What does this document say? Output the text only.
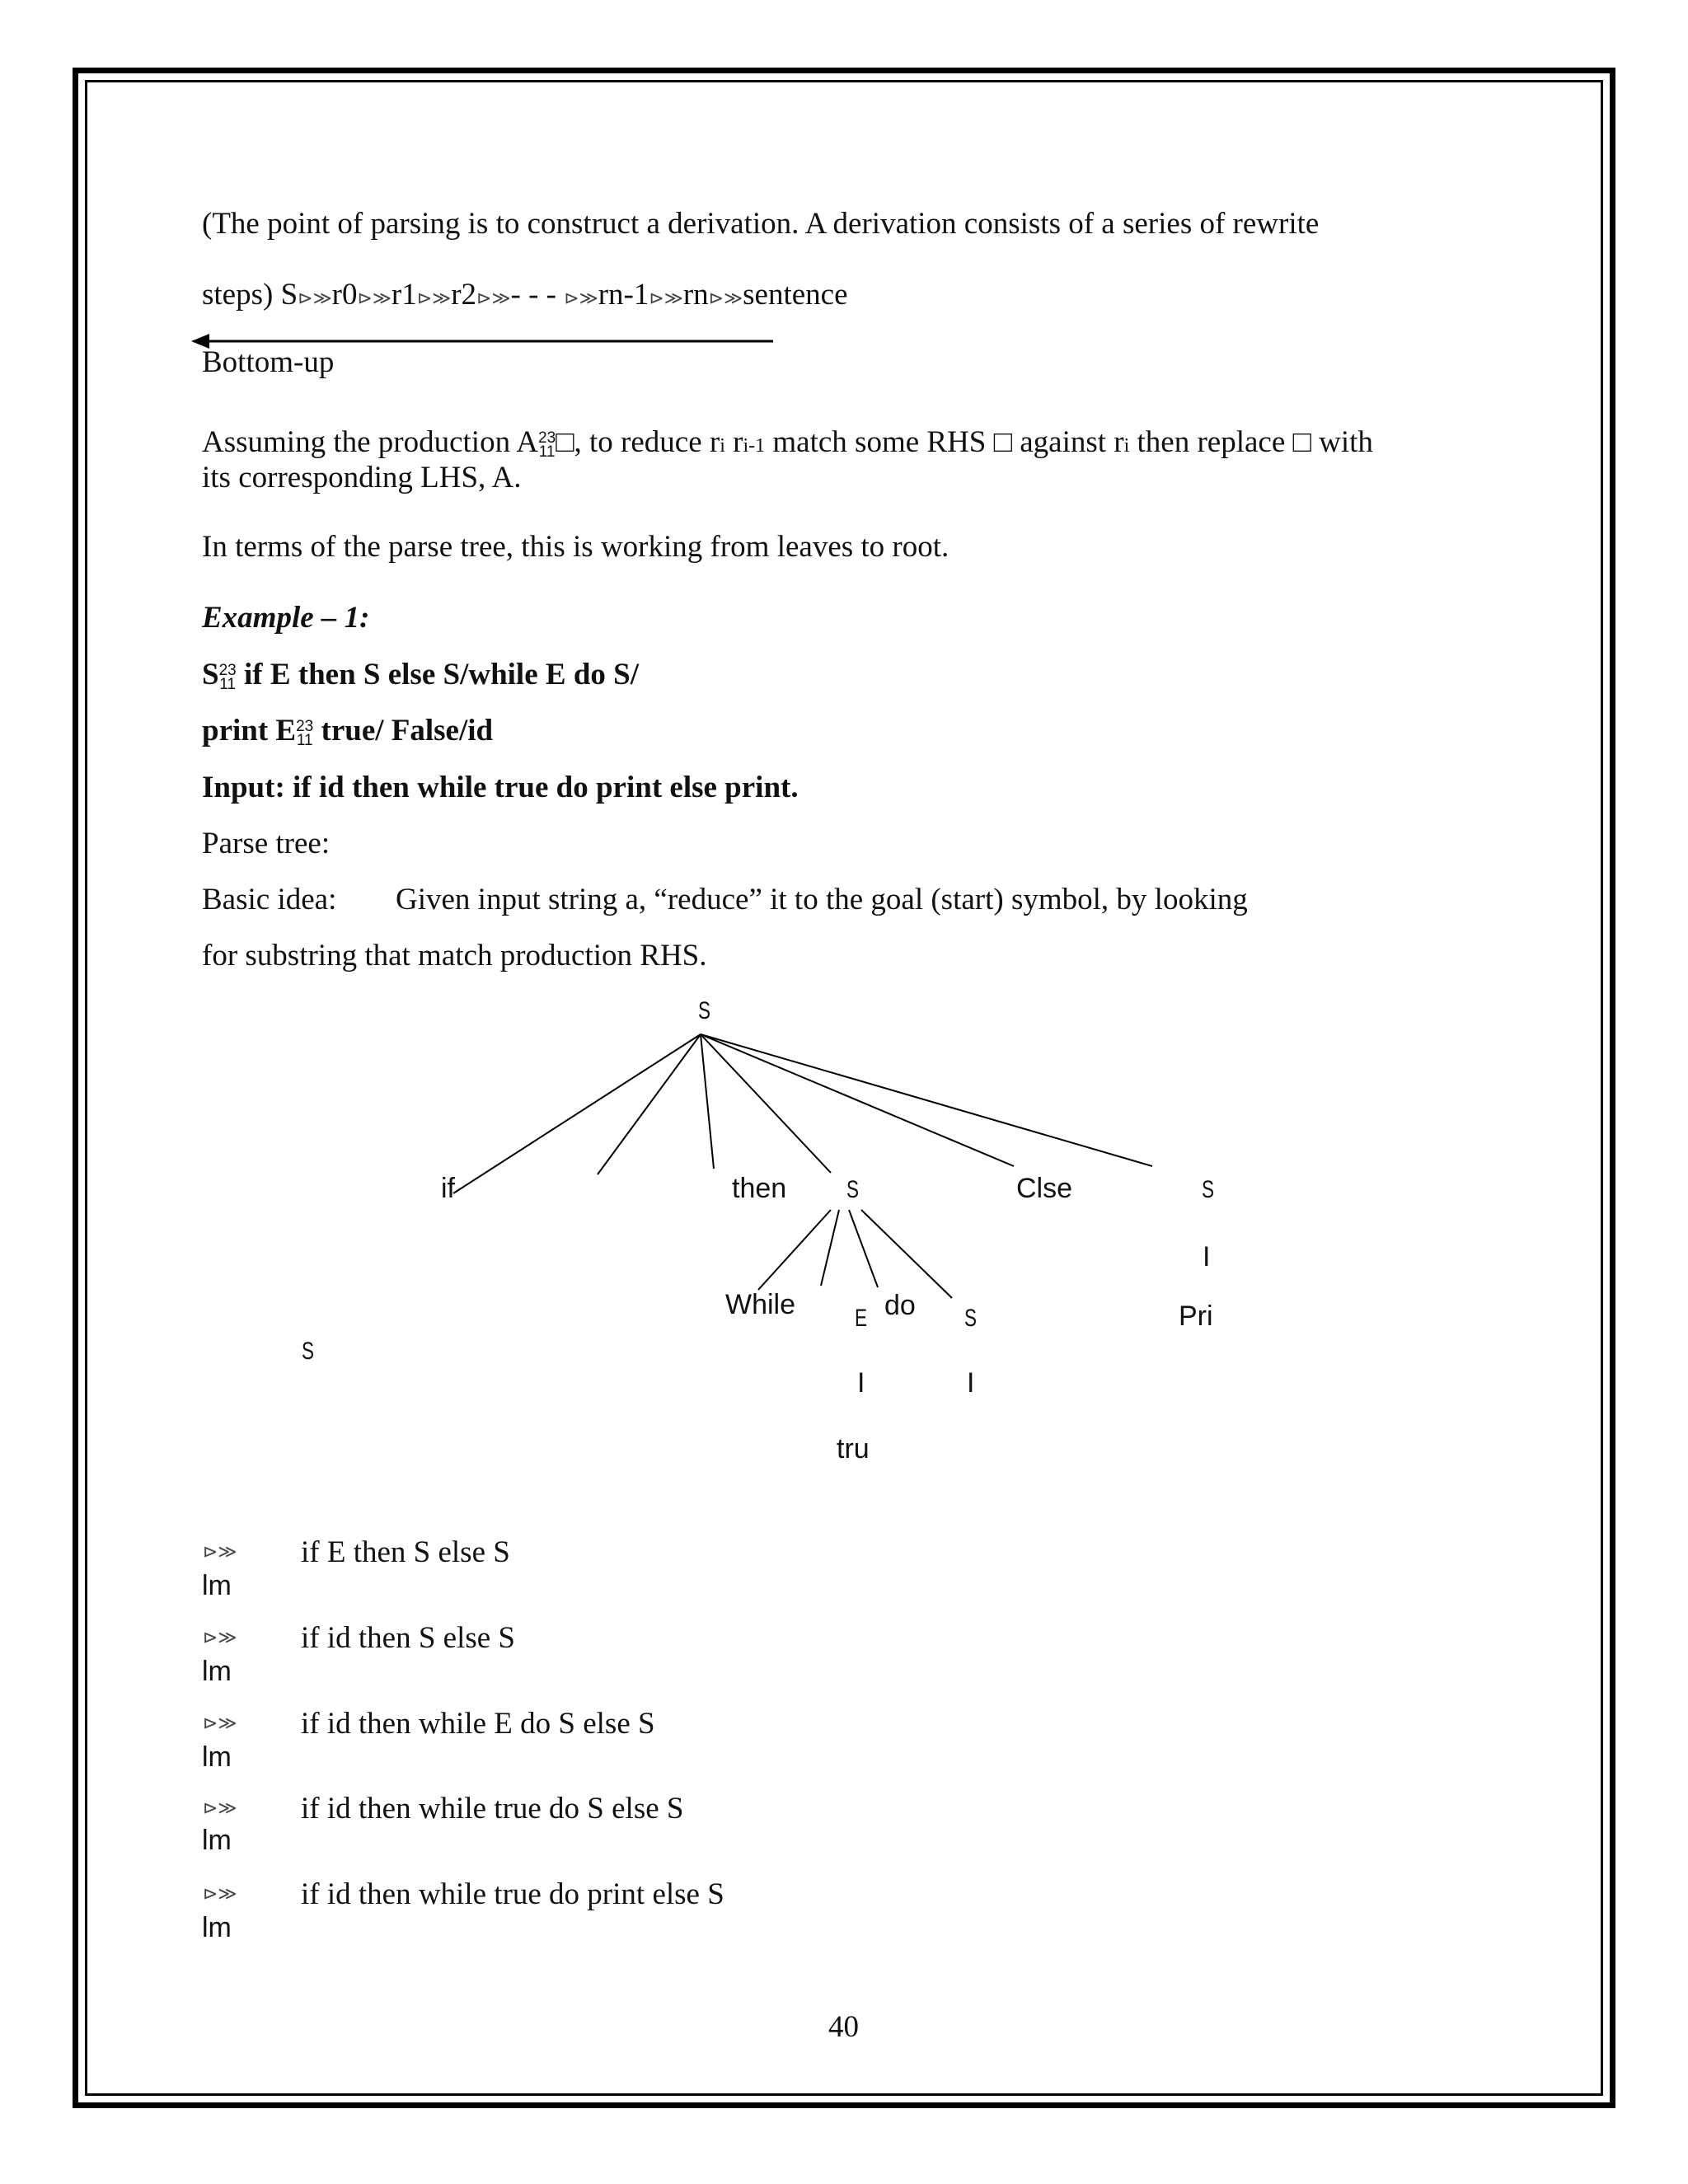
(The point of parsing is to construct a derivation. A derivation consists of a series of rewrite
steps) S⊳≫r0⊳≫r1⊳≫r2⊳≫- - - ⊳≫rn-1⊳≫rn⊳≫sentence
Bottom-up
Assuming the production A 23
11 □, to reduce ri ri-1 match some RHS □ against ri then replace □ with
its corresponding LHS, A.
In terms of the parse tree, this is working from leaves to root.
Example – 1:
S 23
11 if E then S else S/while E do S/
print E 23
11 true/ False/id
Input: if id then while true do print else print.
Parse tree:
Basic idea: Given input string a, “reduce” it to the goal (start) symbol, by looking
for substring that match production RHS.
S
if	then S	Clse	S
I
Pri
While E do S
S
I	I
tru
⊳≫ if E then S else S
lm
⊳≫ if id then S else S
lm
⊳≫ if id then while E do S else S
lm
⊳≫ if id then while true do S else S
lm
⊳≫ if id then while true do print else S
lm
40
